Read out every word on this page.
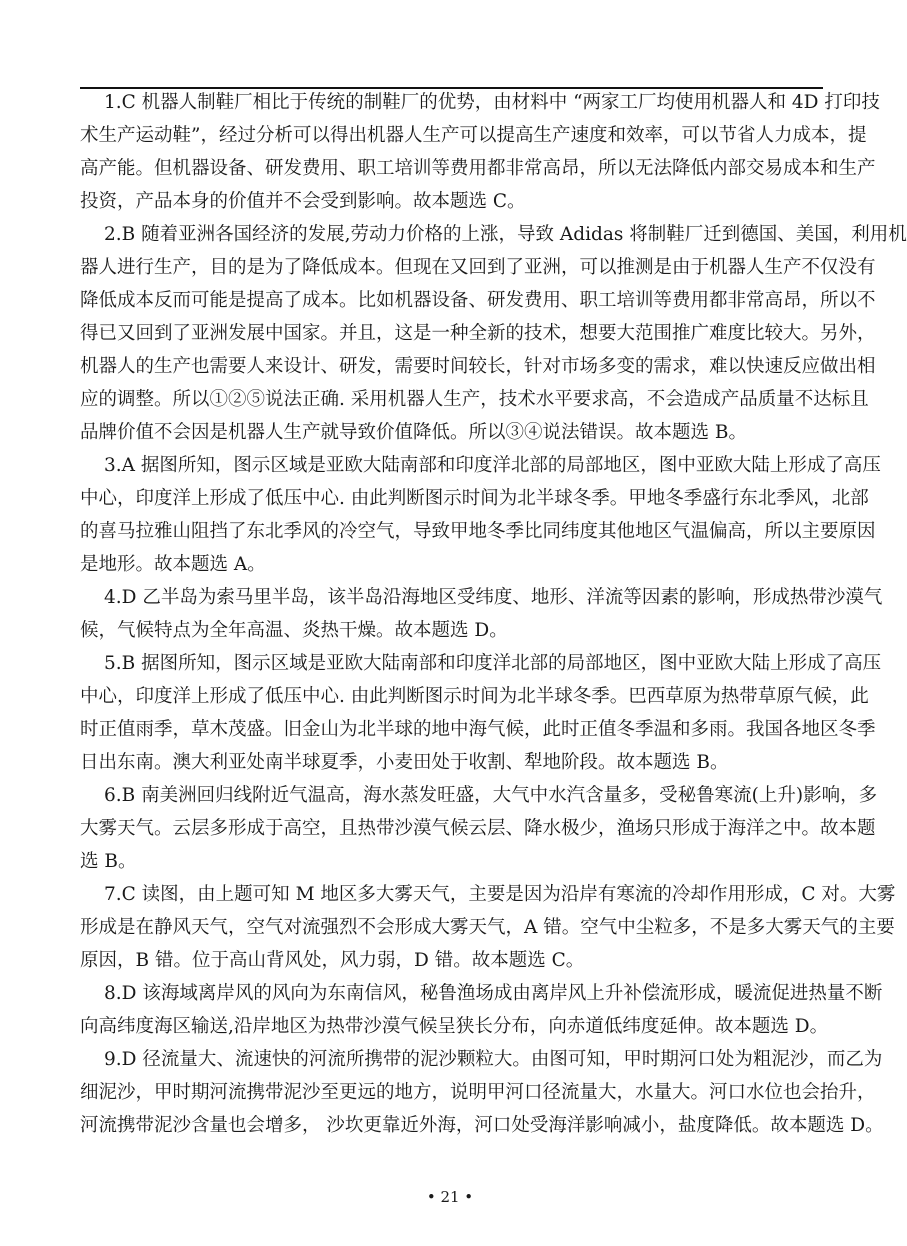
1.C 机器人制鞋厂相比于传统的制鞋厂的优势，由材料中 “两家工厂均使用机器人和 4D 打印技
术生产运动鞋”，经过分析可以得出机器人生产可以提高生产速度和效率，可以节省人力成本，提
高产能。但机器设备、研发费用、职工培训等费用都非常高昂，所以无法降低内部交易成本和生产
投资，产品本身的价值并不会受到影响。故本题选 C。
2.B 随着亚洲各国经济的发展,劳动力价格的上涨，导致 Adidas 将制鞋厂迁到德国、美国，利用机
器人进行生产，目的是为了降低成本。但现在又回到了亚洲，可以推测是由于机器人生产不仅没有
降低成本反而可能是提高了成本。比如机器设备、研发费用、职工培训等费用都非常高昂，所以不
得已又回到了亚洲发展中国家。并且，这是一种全新的技术，想要大范围推广难度比较大。另外，
机器人的生产也需要人来设计、研发，需要时间较长，针对市场多变的需求，难以快速反应做出相
应的调整。所以①②⑤说法正确. 采用机器人生产，技术水平要求高，不会造成产品质量不达标且
品牌价值不会因是机器人生产就导致价值降低。所以③④说法错误。故本题选 B。
3.A 据图所知，图示区域是亚欧大陆南部和印度洋北部的局部地区，图中亚欧大陆上形成了高压
中心，印度洋上形成了低压中心. 由此判断图示时间为北半球冬季。甲地冬季盛行东北季风，北部
的喜马拉雅山阻挡了东北季风的冷空气，导致甲地冬季比同纬度其他地区气温偏高，所以主要原因
是地形。故本题选 A。
4.D 乙半岛为索马里半岛，该半岛沿海地区受纬度、地形、洋流等因素的影响，形成热带沙漠气
候，气候特点为全年高温、炎热干燥。故本题选 D。
5.B 据图所知，图示区域是亚欧大陆南部和印度洋北部的局部地区，图中亚欧大陆上形成了高压
中心，印度洋上形成了低压中心. 由此判断图示时间为北半球冬季。巴西草原为热带草原气候，此
时正值雨季，草木茂盛。旧金山为北半球的地中海气候，此时正值冬季温和多雨。我国各地区冬季
日出东南。澳大利亚处南半球夏季，小麦田处于收割、犁地阶段。故本题选 B。
6.B 南美洲回归线附近气温高，海水蒸发旺盛，大气中水汽含量多，受秘鲁寒流(上升)影响，多
大雾天气。云层多形成于高空，且热带沙漠气候云层、降水极少，渔场只形成于海洋之中。故本题
选 B。
7.C 读图，由上题可知 M 地区多大雾天气，主要是因为沿岸有寒流的冷却作用形成，C 对。大雾
形成是在静风天气，空气对流强烈不会形成大雾天气，A 错。空气中尘粒多，不是多大雾天气的主要
原因，B 错。位于高山背风处，风力弱，D 错。故本题选 C。
8.D 该海域离岸风的风向为东南信风，秘鲁渔场成由离岸风上升补偿流形成，暖流促进热量不断
向高纬度海区输送,沿岸地区为热带沙漠气候呈狭长分布，向赤道低纬度延伸。故本题选 D。
9.D 径流量大、流速快的河流所携带的泥沙颗粒大。由图可知，甲时期河口处为粗泥沙，而乙为
细泥沙，甲时期河流携带泥沙至更远的地方，说明甲河口径流量大，水量大。河口水位也会抬升，
河流携带泥沙含量也会增多， 沙坎更靠近外海，河口处受海洋影响减小，盐度降低。故本题选 D。
• 21 •
